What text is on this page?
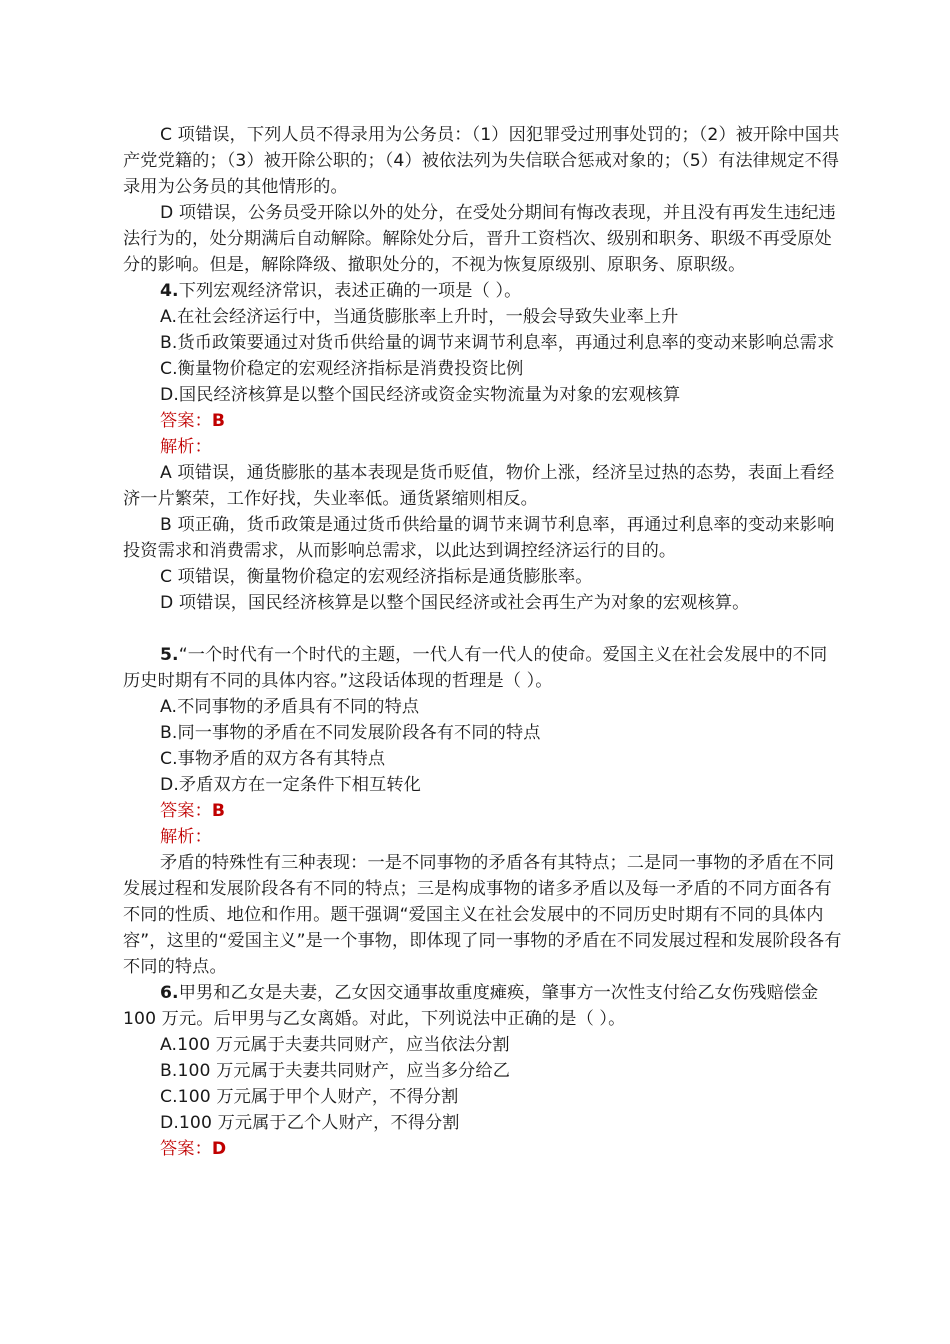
C 项错误，下列人员不得录用为公务员：（1）因犯罪受过刑事处罚的；（2）被开除中国共产党党籍的；（3）被开除公职的；（4）被依法列为失信联合惩戒对象的；（5）有法律规定不得录用为公务员的其他情形的。

D 项错误，公务员受开除以外的处分，在受处分期间有悔改表现，并且没有再发生违纪违法行为的，处分期满后自动解除。解除处分后，晋升工资档次、级别和职务、职级不再受原处分的影响。但是，解除降级、撤职处分的，不视为恢复原级别、原职务、原职级。

4.下列宏观经济常识，表述正确的一项是（ ）。

A.在社会经济运行中，当通货膨胀率上升时，一般会导致失业率上升

B.货币政策要通过对货币供给量的调节来调节利息率，再通过利息率的变动来影响总需求

C.衡量物价稳定的宏观经济指标是消费投资比例

D.国民经济核算是以整个国民经济或资金实物流量为对象的宏观核算

答案：B

解析：

A 项错误，通货膨胀的基本表现是货币贬值，物价上涨，经济呈过热的态势，表面上看经济一片繁荣，工作好找，失业率低。通货紧缩则相反。

B 项正确，货币政策是通过货币供给量的调节来调节利息率，再通过利息率的变动来影响投资需求和消费需求，从而影响总需求，以此达到调控经济运行的目的。

C 项错误，衡量物价稳定的宏观经济指标是通货膨胀率。

D 项错误，国民经济核算是以整个国民经济或社会再生产为对象的宏观核算。

5.“一个时代有一个时代的主题，一代人有一代人的使命。爱国主义在社会发展中的不同历史时期有不同的具体内容。”这段话体现的哲理是（ ）。

A.不同事物的矛盾具有不同的特点

B.同一事物的矛盾在不同发展阶段各有不同的特点

C.事物矛盾的双方各有其特点

D.矛盾双方在一定条件下相互转化

答案：B

解析：

矛盾的特殊性有三种表现：一是不同事物的矛盾各有其特点；二是同一事物的矛盾在不同发展过程和发展阶段各有不同的特点；三是构成事物的诸多矛盾以及每一矛盾的不同方面各有不同的性质、地位和作用。题干强调“爱国主义在社会发展中的不同历史时期有不同的具体内容”，这里的“爱国主义”是一个事物，即体现了同一事物的矛盾在不同发展过程和发展阶段各有不同的特点。

6.甲男和乙女是夫妻，乙女因交通事故重度瘫痪，肇事方一次性支付给乙女伤残赔偿金 100 万元。后甲男与乙女离婚。对此，下列说法中正确的是（ ）。

A.100 万元属于夫妻共同财产，应当依法分割

B.100 万元属于夫妻共同财产，应当多分给乙

C.100 万元属于甲个人财产，不得分割

D.100 万元属于乙个人财产，不得分割

答案：D
